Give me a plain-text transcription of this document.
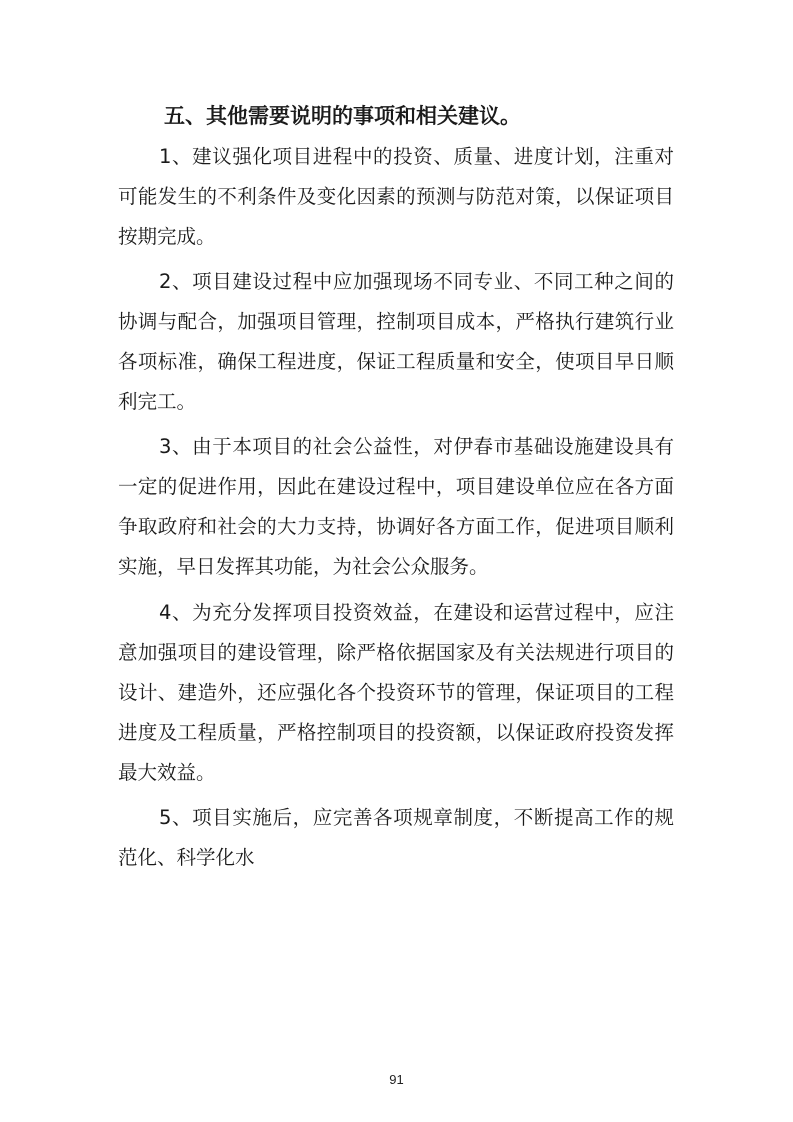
五、其他需要说明的事项和相关建议。

1、建议强化项目进程中的投资、质量、进度计划，注重对可能发生的不利条件及变化因素的预测与防范对策，以保证项目按期完成。

2、项目建设过程中应加强现场不同专业、不同工种之间的协调与配合，加强项目管理，控制项目成本，严格执行建筑行业各项标准，确保工程进度，保证工程质量和安全，使项目早日顺利完工。

3、由于本项目的社会公益性，对伊春市基础设施建设具有一定的促进作用，因此在建设过程中，项目建设单位应在各方面争取政府和社会的大力支持，协调好各方面工作，促进项目顺利实施，早日发挥其功能，为社会公众服务。

4、为充分发挥项目投资效益，在建设和运营过程中，应注意加强项目的建设管理，除严格依据国家及有关法规进行项目的设计、建造外，还应强化各个投资环节的管理，保证项目的工程进度及工程质量，严格控制项目的投资额，以保证政府投资发挥最大效益。

5、项目实施后，应完善各项规章制度，不断提高工作的规范化、科学化水

91
